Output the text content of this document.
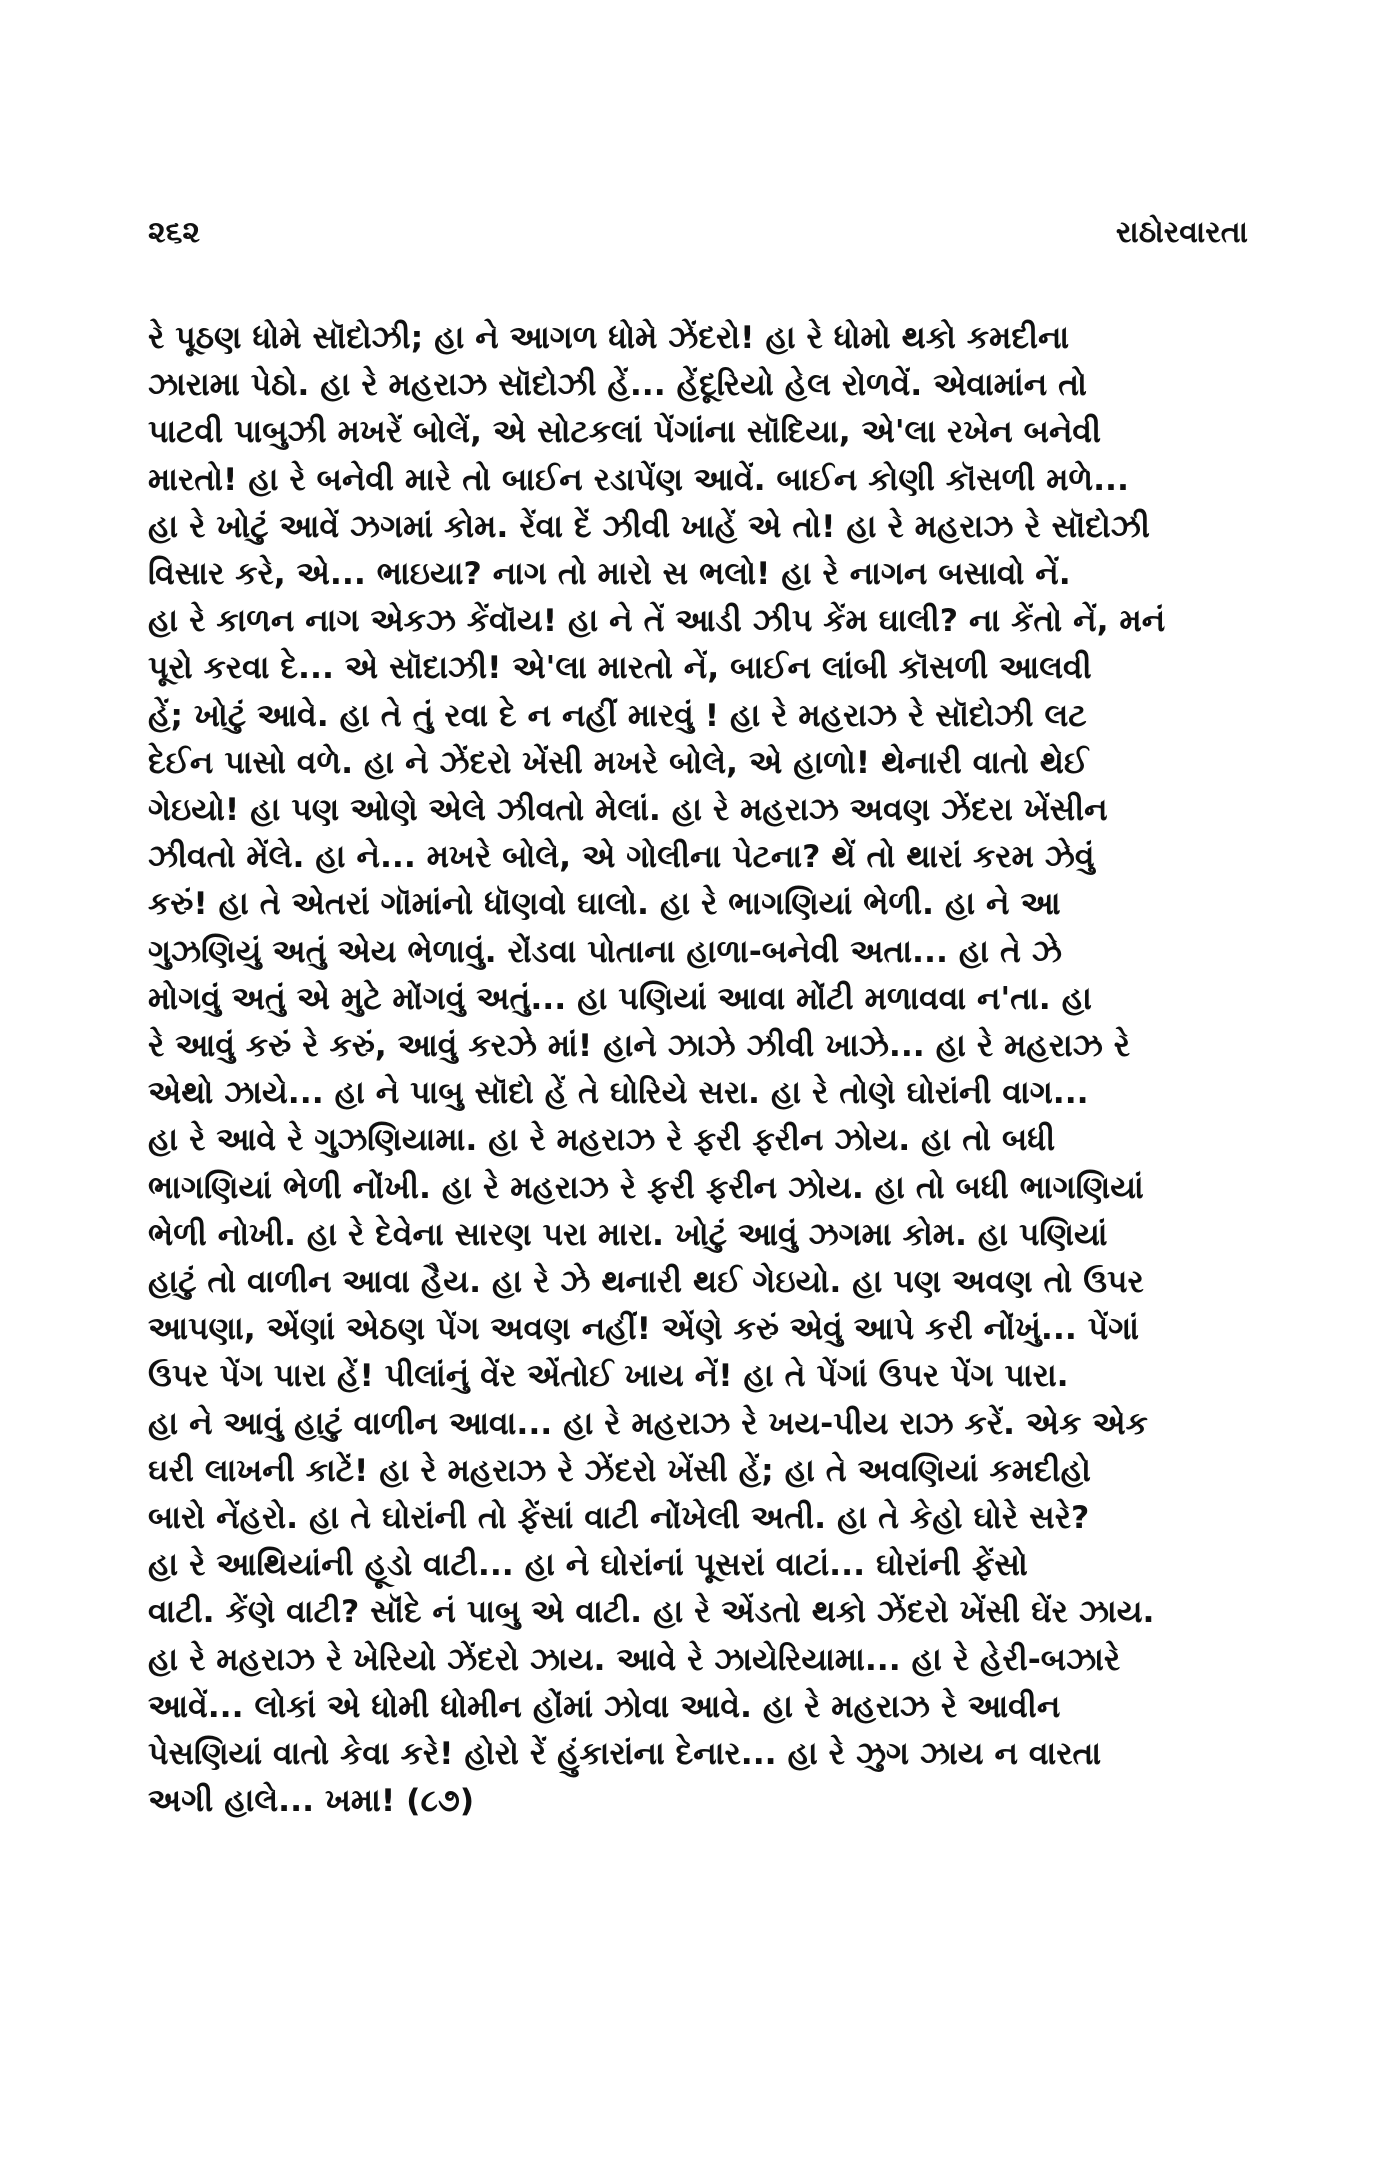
૨૬૨	રાઠોરવારતા
રે પૂઠણ ધોમે સૉદોઝી; હા ને આગળ ધોમે ઝેંદરો! હા રે ધોમો થકો કમદીના
ઝારામા પેઠો. હા રે મહરાઝ સૉદોઝી હેં... હેંદૂરિયો હેલ રોળવેં. એવામાંન તો
પાટવી પાબુઝી મખરેં બોલેં, એ સોટકલાં પેંગાંના સૉદિયા, એ'લા રખેન બનેવી
મારતો! હા રે બનેવી મારે તો બાઈન રડાપેંણ આવેં. બાઈન કોણી કૉસળી મળે...
હા રે ખોટું આવેં ઝગમાં કોમ. રેંવા દેં ઝીવી ખાહેં એ તો! હા રે મહરાઝ રે સૉદોઝી
વિસાર કરે, એ... ભાઇયા? નાગ તો મારો સ ભલો! હા રે નાગન બસાવો નેં.
હા રે કાળન નાગ એકઝ કેંવૉય! હા ને તેં આડી ઝીપ કેંમ ઘાલી? ના કેંતો નેં, મનં
પૂરો કરવા દે... એ સૉદાઝી! એ'લા મારતો નેં, બાઈન લાંબી કૉસળી આલવી
હેં; ખોટું આવે. હા તે તું રવા દે ન નહીં મારવું ! હા રે મહરાઝ રે સૉદોઝી લટ
દેઈન પાસો વળે. હા ને ઝેંદરો ખેંસી મખરે બોલે, એ હાળો! થેનારી વાતો થેઈ
ગેઇયો! હા પણ ઓણે એલે ઝીવતો મેલાં. હા રે મહરાઝ અવણ ઝેંદરા ખેંસીન
ઝીવતો મેંલે. હા ને... મખરે બોલે, એ ગોલીના પેટના? થેં તો થારાં કરમ ઝેવું
કરું! હા તે એતરાં ગૉમાંનો ધૉણવો ઘાલો. હા રે ભાગણિયાં ભેળી. હા ને આ
ગુઝણિયું અતું એય ભેળાવું. રોંડવા પોતાના હાળા-બનેવી અતા... હા તે ઝે
મોગવું અતું એ મુટે મોંગવું અતું... હા પણિયાં આવા મોંટી મળાવવા ન'તા. હા
રે આવું કરું રે કરું, આવું કરઝે માં! હાને ઝાઝે ઝીવી ખાઝે... હા રે મહરાઝ રે
એથો ઝાયે... હા ને પાબુ સૉદો હેં તે ઘોરિયે સરા. હા રે તોણે ઘોરાંની વાગ...
હા રે આવે રે ગુઝણિયામા. હા રે મહરાઝ રે ફરી ફરીન ઝોય. હા તો બધી
ભાગણિયાં ભેળી નોંખી. હા રે મહરાઝ રે ફરી ફરીન ઝોય. હા તો બધી ભાગણિયાં
ભેળી નોખી. હા રે દેવેના સારણ પરા મારા. ખોટું આવું ઝગમા કોમ. હા પણિયાં
હાટું તો વાળીન આવા હૈય. હા રે ઝે થનારી થઈ ગેઇયો. હા પણ અવણ તો ઉપર
આપણા, એંણાં એઠણ પેંગ અવણ નહીં! એંણે કરું એવું આપે કરી નોંખું... પેંગાં
ઉપર પેંગ પારા હેં! પીલાંનું વેંર એંતોઈ ખાય નેં! હા તે પેંગાં ઉપર પેંગ પારા.
હા ને આવું હાટું વાળીન આવા... હા રે મહરાઝ રે ખય-પીય રાઝ કરેં. એક એક
ઘરી લાખની કાટેં! હા રે મહરાઝ રે ઝેંદરો ખેંસી હેં; હા તે અવણિયાં કમદીહો
બારો નેંહરો. હા તે ઘોરાંની તો ફેંસાં વાટી નોંખેલી અતી. હા તે કેહો ઘોરે સરે?
હા રે આથિયાંની હૂડો વાટી... હા ને ઘોરાંનાં પૂસરાં વાટાં... ઘોરાંની ફેંસો
વાટી. કેંણે વાટી? સૉંદે નં પાબુ એ વાટી. હા રે એંડતો થકો ઝેંદરો ખેંસી ઘેંર ઝાય.
હા રે મહરાઝ રે ખેરિયો ઝેંદરો ઝાય. આવે રે ઝાયેરિયામા... હા રે હેરી-બઝારે
આવેં... લોકાં એ ધોમી ધોમીન હોંમાં ઝોવા આવે. હા રે મહરાઝ રે આવીન
પેસણિયાં વાતો કેવા કરે! હોરો રેં હુંકારાંના દેનાર... હા રે ઝુગ ઝાય ન વારતા
અગી હાલે... ખમા! (૮૭)
